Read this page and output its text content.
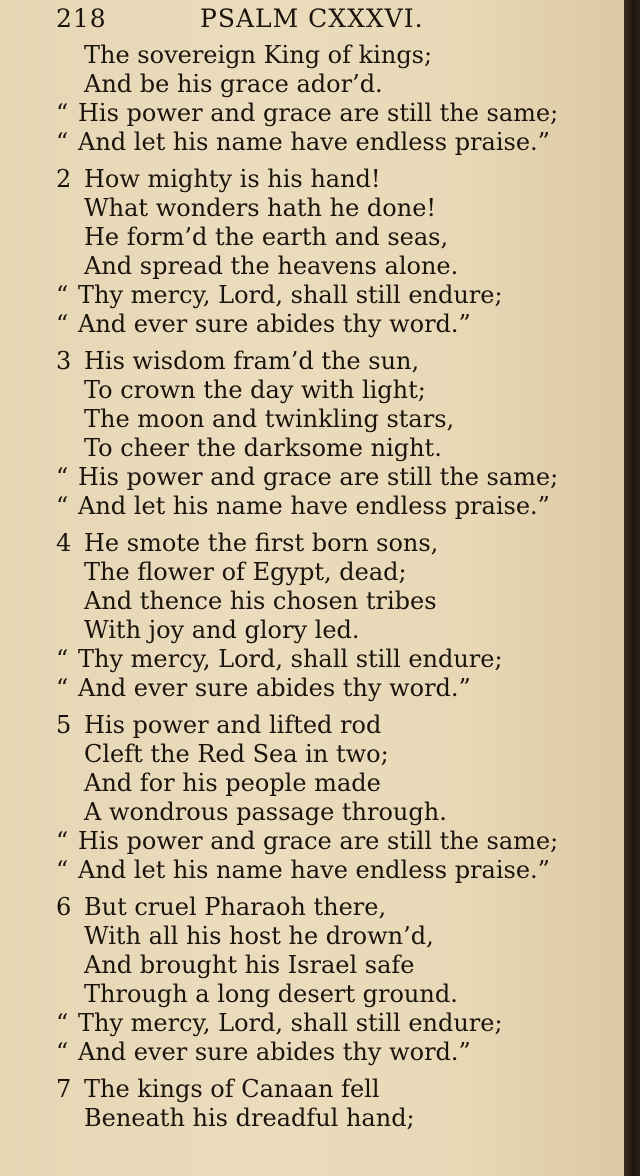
218	PSALM CXXXVI.
The sovereign King of kings;
And be his grace ador’d.
“ His power and grace are still the same;
“ And let his name have endless praise.”
2 How mighty is his hand!
What wonders hath he done!
He form’d the earth and seas,
And spread the heavens alone.
“ Thy mercy, Lord, shall still endure;
“ And ever sure abides thy word.”
3 His wisdom fram’d the sun,
To crown the day with light;
The moon and twinkling stars,
To cheer the darksome night.
“ His power and grace are still the same;
“ And let his name have endless praise.”
4 He smote the first born sons,
The flower of Egypt, dead;
And thence his chosen tribes
With joy and glory led.
“ Thy mercy, Lord, shall still endure;
“ And ever sure abides thy word.”
5 His power and lifted rod
Cleft the Red Sea in two;
And for his people made
A wondrous passage through.
“ His power and grace are still the same;
“ And let his name have endless praise.”
6 But cruel Pharaoh there,
With all his host he drown’d,
And brought his Israel safe
Through a long desert ground.
“ Thy mercy, Lord, shall still endure;
“ And ever sure abides thy word.”
7 The kings of Canaan fell
Beneath his dreadful hand;
